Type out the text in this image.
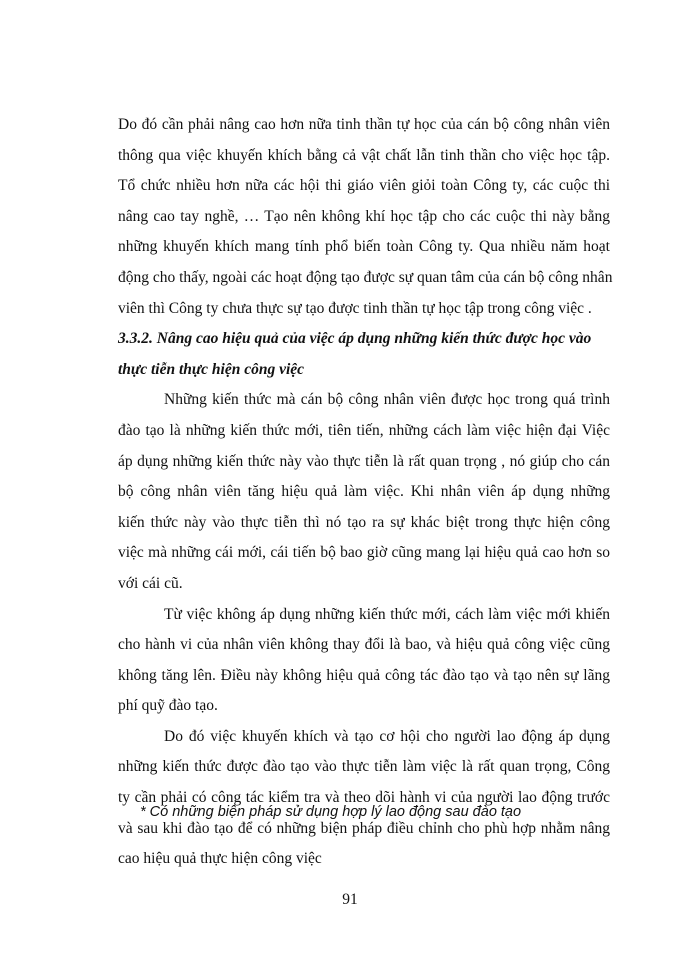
Do đó cần phải nâng cao hơn nữa tinh thần tự học của cán bộ công nhân viên
thông qua việc khuyến khích bằng cả vật chất lẫn tinh thần cho việc học tập.
Tổ chức nhiều hơn nữa các hội thi giáo viên giỏi toàn Công ty, các cuộc thi
nâng cao tay nghề, … Tạo nên không khí học tập cho các cuộc thi này bằng
những khuyến khích mang tính phổ biến toàn Công ty. Qua nhiều năm hoạt
động cho thấy, ngoài các hoạt động tạo được sự quan tâm của cán bộ công nhân
viên thì Công ty chưa thực sự tạo được tinh thần tự học tập trong công việc .
3.3.2. Nâng cao hiệu quả của việc áp dụng những kiến thức được học vào
thực tiễn thực hiện công việc
Những kiến thức mà cán bộ công nhân viên được học trong quá trình
đào tạo là những kiến thức mới, tiên tiến, những cách làm việc hiện đại Việc
áp dụng những kiến thức này vào thực tiễn là rất quan trọng , nó giúp cho cán
bộ công nhân viên tăng hiệu quả làm việc. Khi nhân viên áp dụng những
kiến thức này vào thực tiễn thì nó tạo ra sự khác biệt trong thực hiện công
việc mà những cái mới, cái tiến bộ bao giờ cũng mang lại hiệu quả cao hơn so
với cái cũ.
Từ việc không áp dụng những kiến thức mới, cách làm việc mới khiến
cho hành vi của nhân viên không thay đổi là bao, và hiệu quả công việc cũng
không tăng lên. Điều này không hiệu quả công tác đào tạo và tạo nên sự lãng
phí quỹ đào tạo.
Do đó việc khuyến khích và tạo cơ hội cho người lao động áp dụng
những kiến thức được đào tạo vào thực tiễn làm việc là rất quan trọng, Công
ty cần phải có công tác kiểm tra và theo dõi hành vi của người lao động trước
và sau khi đào tạo để có những biện pháp điều chỉnh cho phù hợp nhằm nâng
cao hiệu quả thực hiện công việc
* Có những biện pháp sử dụng hợp lý lao động sau đào tạo
91
